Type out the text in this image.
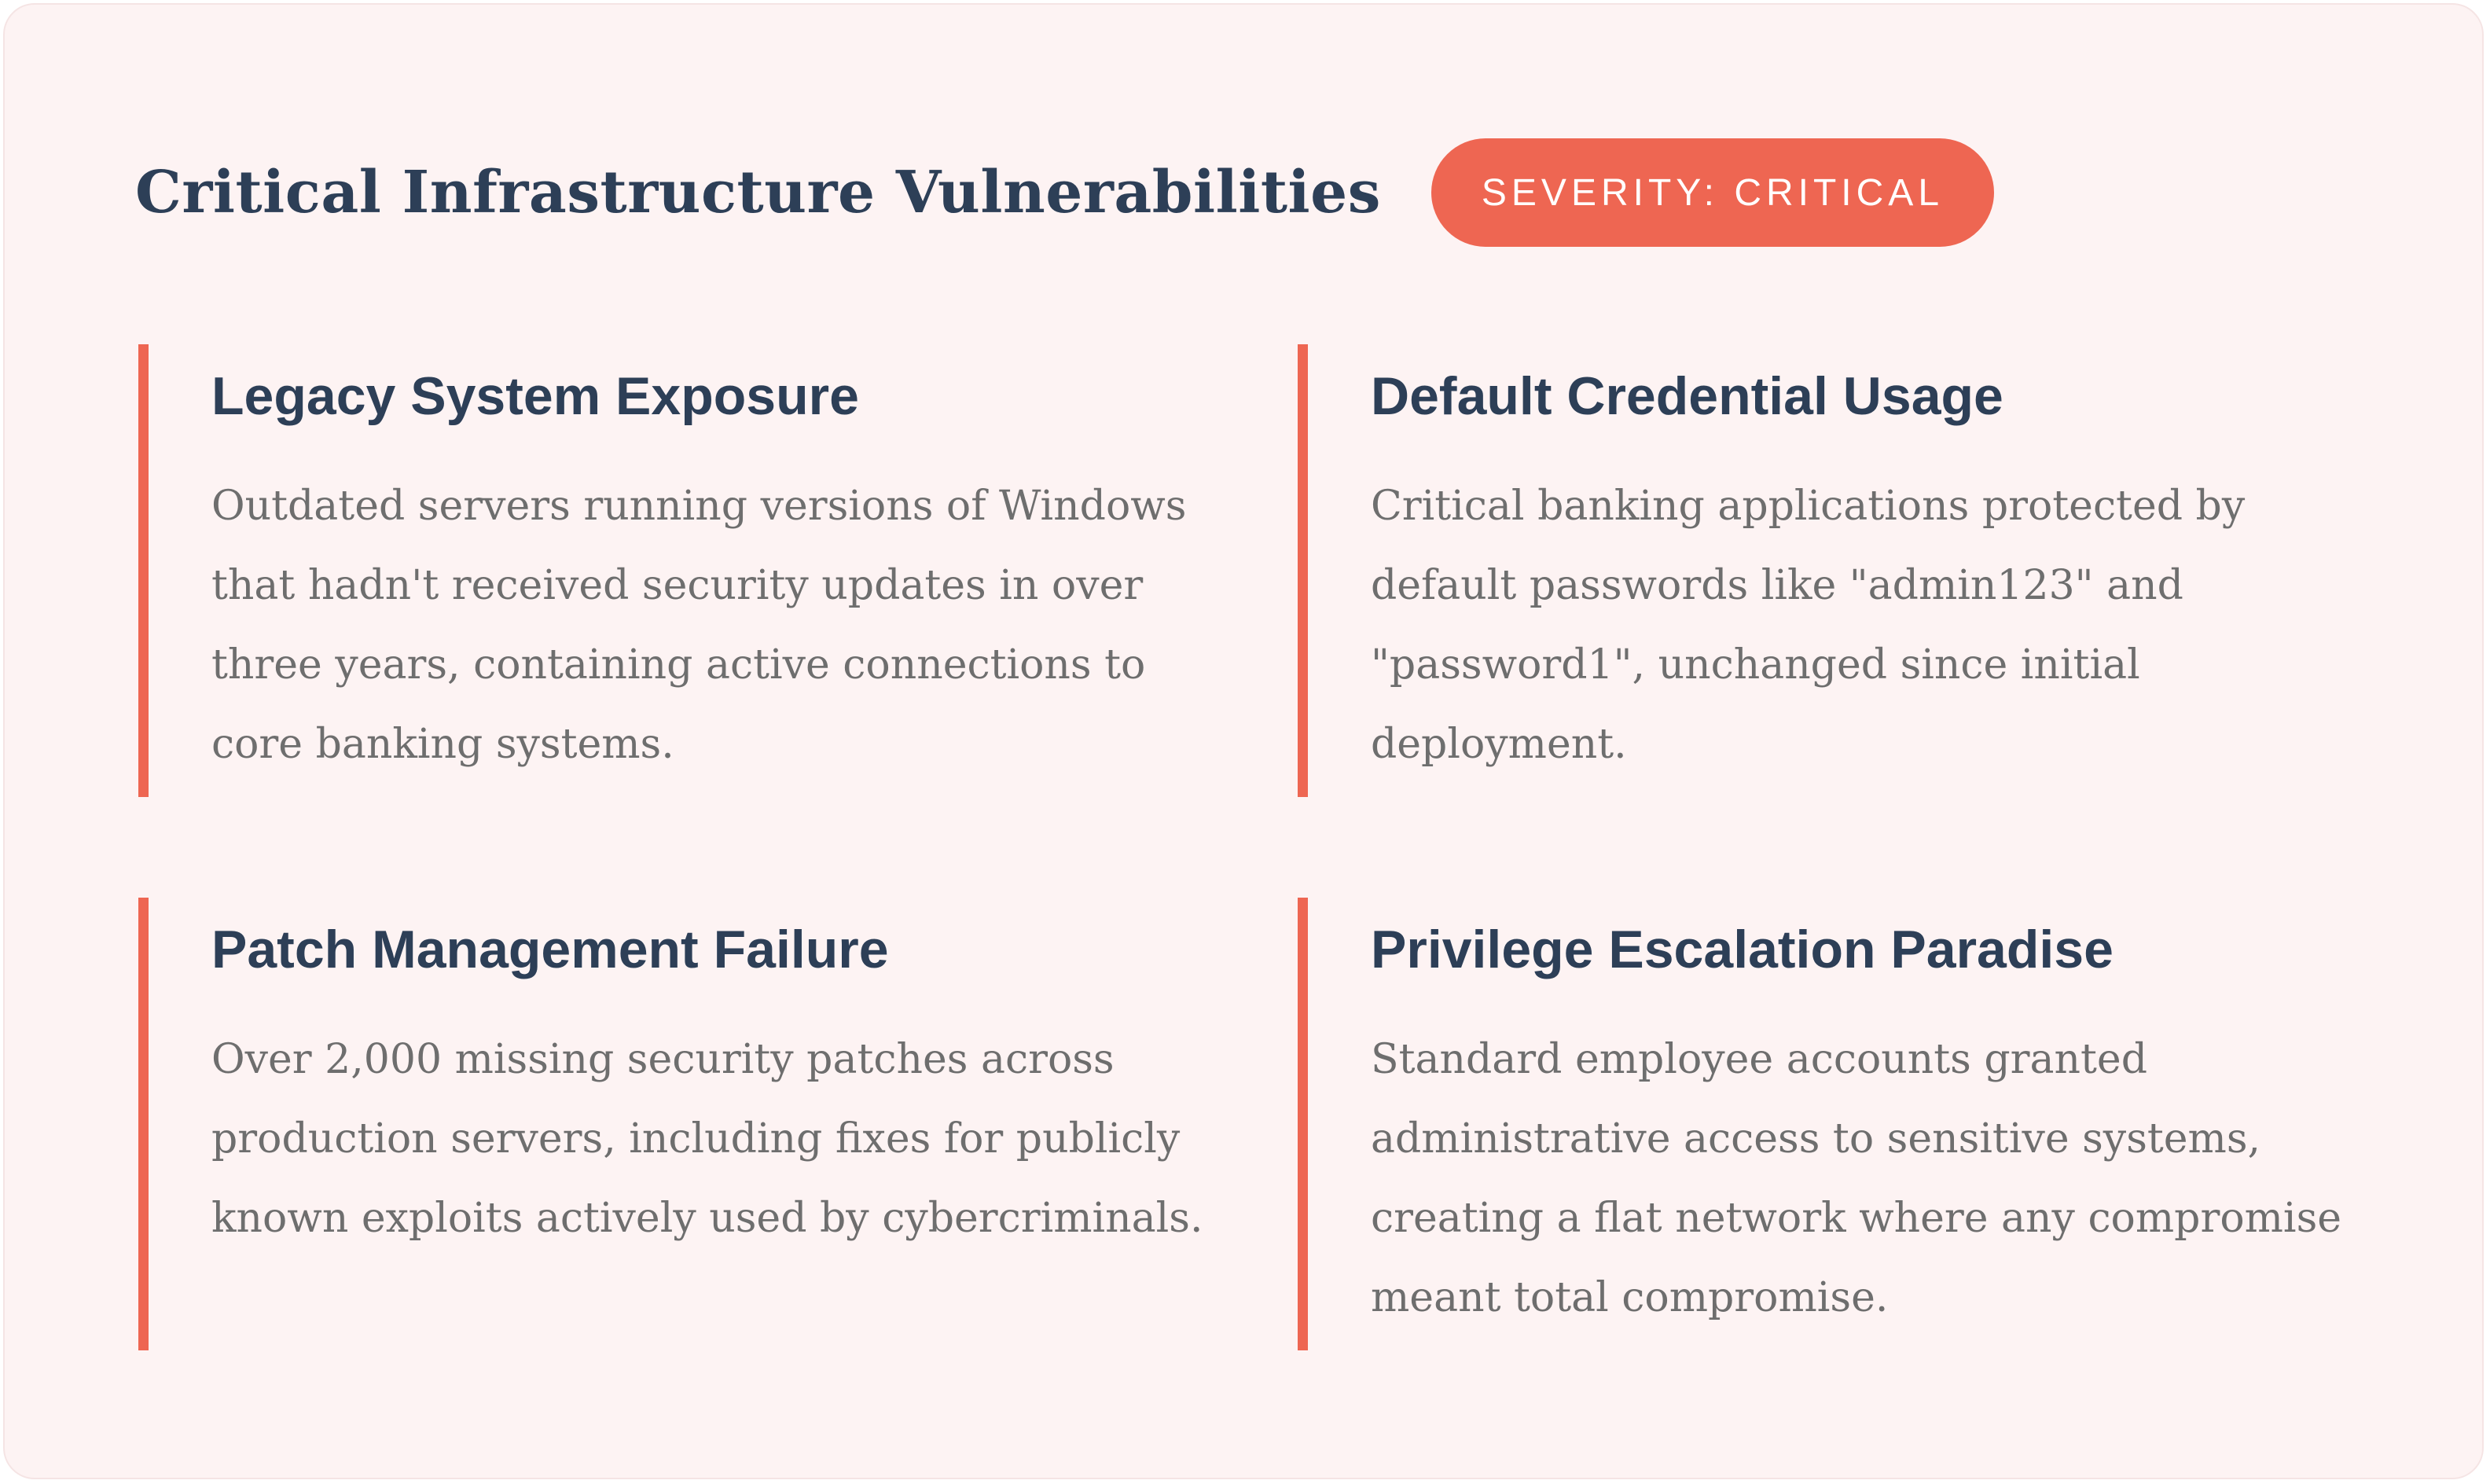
Critical Infrastructure Vulnerabilities	SEVERITY: CRITICAL
Legacy System Exposure
Outdated servers running versions of Windows that hadn't received security updates in over three years, containing active connections to core banking systems.
Default Credential Usage
Critical banking applications protected by default passwords like "admin123" and "password1", unchanged since initial deployment.
Patch Management Failure
Over 2,000 missing security patches across production servers, including fixes for publicly known exploits actively used by cybercriminals.
Privilege Escalation Paradise
Standard employee accounts granted administrative access to sensitive systems, creating a flat network where any compromise meant total compromise.
